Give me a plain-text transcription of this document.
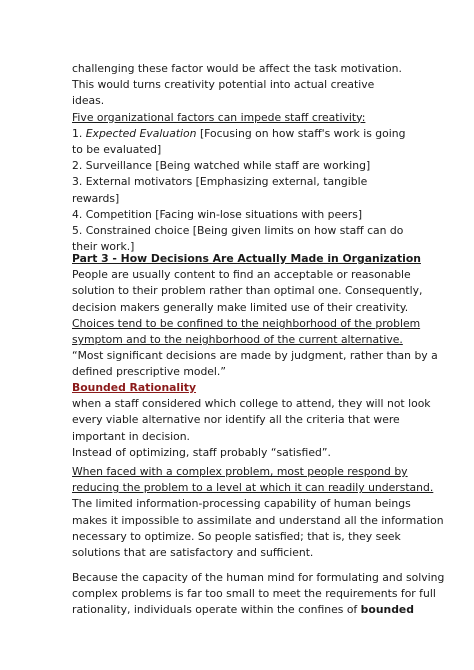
challenging these factor would be affect the task motivation.
This would turns creativity potential into actual creative
ideas.
Five organizational factors can impede staff creativity:
1. Expected Evaluation [Focusing on how staff's work is going
to be evaluated]
2. Surveillance [Being watched while staff are working]
3. External motivators [Emphasizing external, tangible
rewards]
4. Competition [Facing win-lose situations with peers]
5. Constrained choice [Being given limits on how staff can do
their work.]
Part 3 - How Decisions Are Actually Made in Organization
People are usually content to find an acceptable or reasonable
solution to their problem rather than optimal one. Consequently,
decision makers generally make limited use of their creativity.
Choices tend to be confined to the neighborhood of the problem
symptom and to the neighborhood of the current alternative.
“Most significant decisions are made by judgment, rather than by a
defined prescriptive model.”
Bounded Rationality
when a staff considered which college to attend, they will not look
every viable alternative nor identify all the criteria that were
important in decision.
Instead of optimizing, staff probably “satisfied”.
When faced with a complex problem, most people respond by
reducing the problem to a level at which it can readily understand.
The limited information-processing capability of human beings
makes it impossible to assimilate and understand all the information
necessary to optimize. So people satisfied; that is, they seek
solutions that are satisfactory and sufficient.
Because the capacity of the human mind for formulating and solving
complex problems is far too small to meet the requirements for full
rationality, individuals operate within the confines of bounded
